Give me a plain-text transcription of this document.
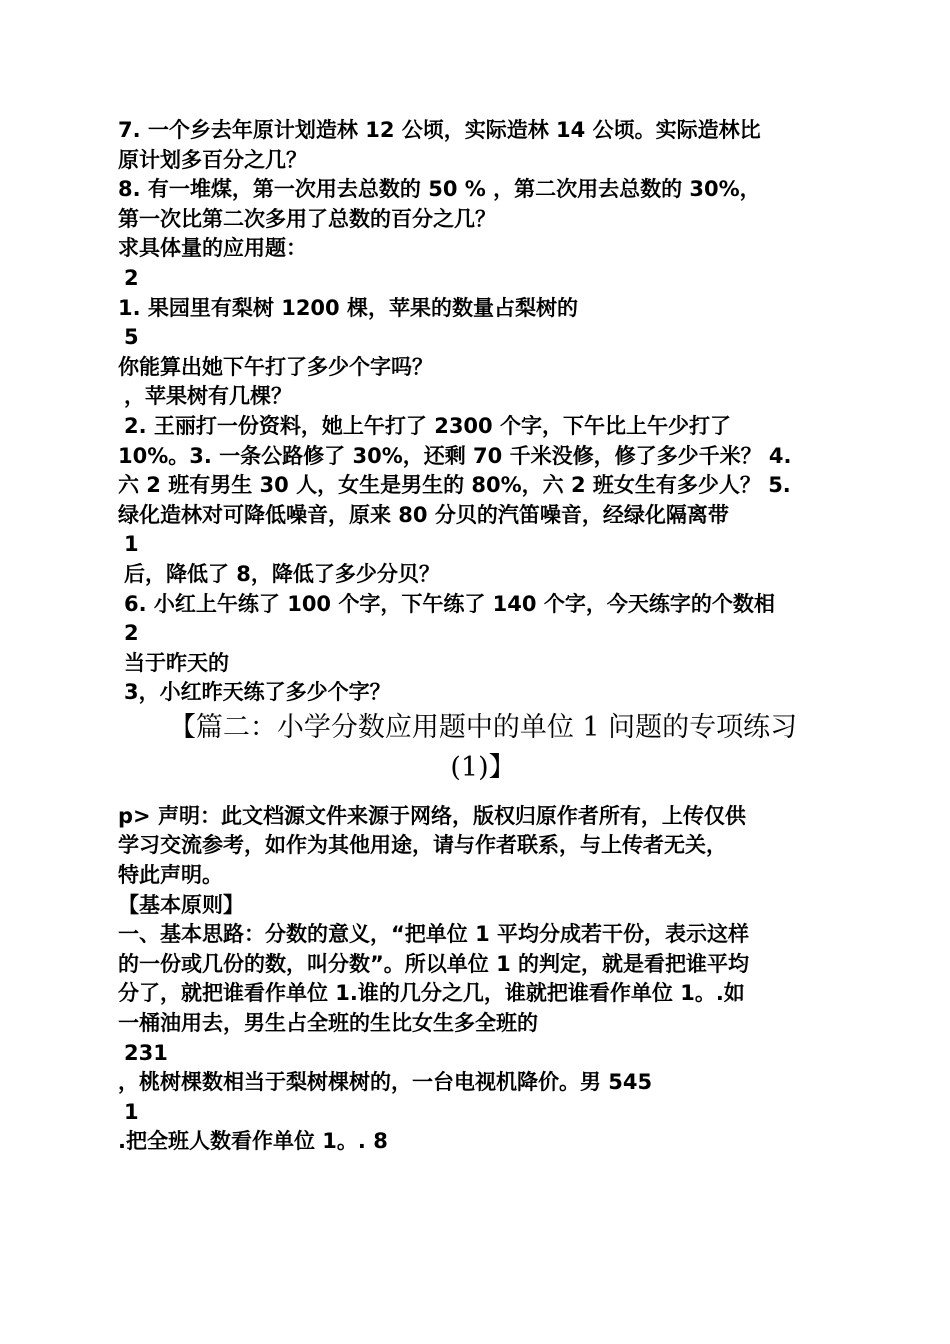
7. 一个乡去年原计划造林 12 公顷，实际造林 14 公顷。实际造林比
原计划多百分之几？
8. 有一堆煤，第一次用去总数的 50 % ，第二次用去总数的 30%，
第一次比第二次多用了总数的百分之几？
求具体量的应用题：
2
1. 果园里有梨树 1200 棵，苹果的数量占梨树的
5
你能算出她下午打了多少个字吗？
，苹果树有几棵？
2. 王丽打一份资料，她上午打了 2300 个字，下午比上午少打了
10%。3. 一条公路修了 30%，还剩 70 千米没修，修了多少千米？ 4.
六 2 班有男生 30 人，女生是男生的 80%，六 2 班女生有多少人？ 5.
绿化造林对可降低噪音，原来 80 分贝的汽笛噪音，经绿化隔离带
1
后，降低了 8，降低了多少分贝？
6. 小红上午练了 100 个字，下午练了 140 个字，今天练字的个数相
2
当于昨天的
3，小红昨天练了多少个字？
【篇二：小学分数应用题中的单位 1 问题的专项练习
(1)】
p> 声明：此文档源文件来源于网络，版权归原作者所有，上传仅供
学习交流参考，如作为其他用途，请与作者联系，与上传者无关，
特此声明。
【基本原则】
一、基本思路：分数的意义，“把单位 1 平均分成若干份，表示这样
的一份或几份的数，叫分数”。所以单位 1 的判定，就是看把谁平均
分了，就把谁看作单位 1.谁的几分之几，谁就把谁看作单位 1。.如
一桶油用去，男生占全班的生比女生多全班的
231
，桃树棵数相当于梨树棵树的，一台电视机降价。男 545
1
.把全班人数看作单位 1。. 8
